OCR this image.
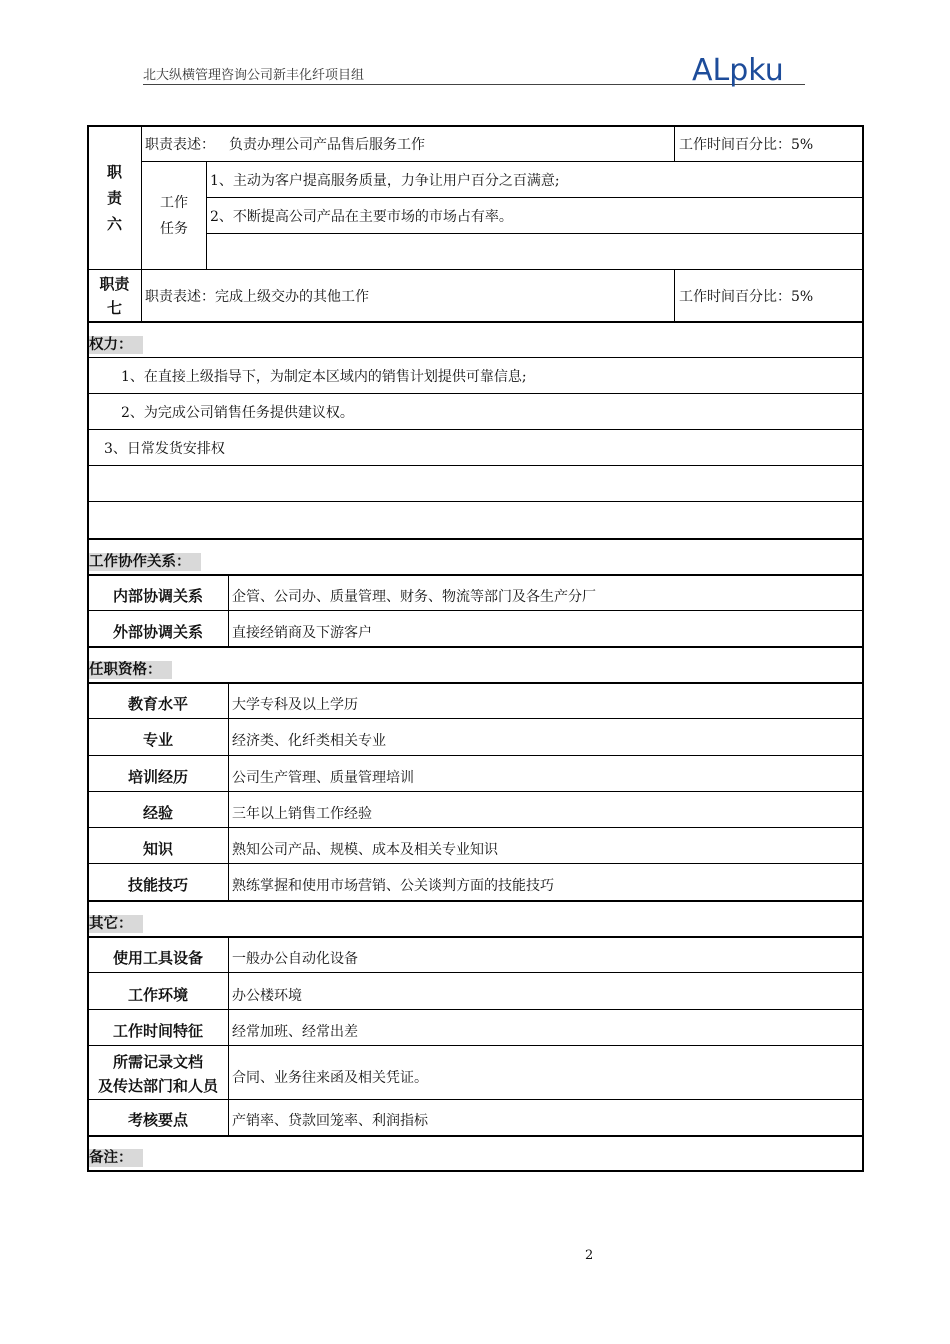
北大纵横管理咨询公司新丰化纤项目组	ALpku
职
责
六
职责表述： 负责办理公司产品售后服务工作	工作时间百分比：5%
工作
任务
1、主动为客户提高服务质量，力争让用户百分之百满意;
2、不断提高公司产品在主要市场的市场占有率。
职责
七
职责表述：完成上级交办的其他工作	工作时间百分比：5%
权力：
1、在直接上级指导下，为制定本区域内的销售计划提供可靠信息;
2、为完成公司销售任务提供建议权。
3、日常发货安排权
工作协作关系：
内部协调关系	企管、公司办、质量管理、财务、物流等部门及各生产分厂
外部协调关系	直接经销商及下游客户
任职资格：
教育水平	大学专科及以上学历
专业	经济类、化纤类相关专业
培训经历	公司生产管理、质量管理培训
经验	三年以上销售工作经验
知识	熟知公司产品、规模、成本及相关专业知识
技能技巧	熟练掌握和使用市场营销、公关谈判方面的技能技巧
其它：
使用工具设备	一般办公自动化设备
工作环境	办公楼环境
工作时间特征	经常加班、经常出差
所需记录文档
及传达部门和人员	合同、业务往来函及相关凭证。
考核要点	产销率、贷款回笼率、利润指标
备注：
2
